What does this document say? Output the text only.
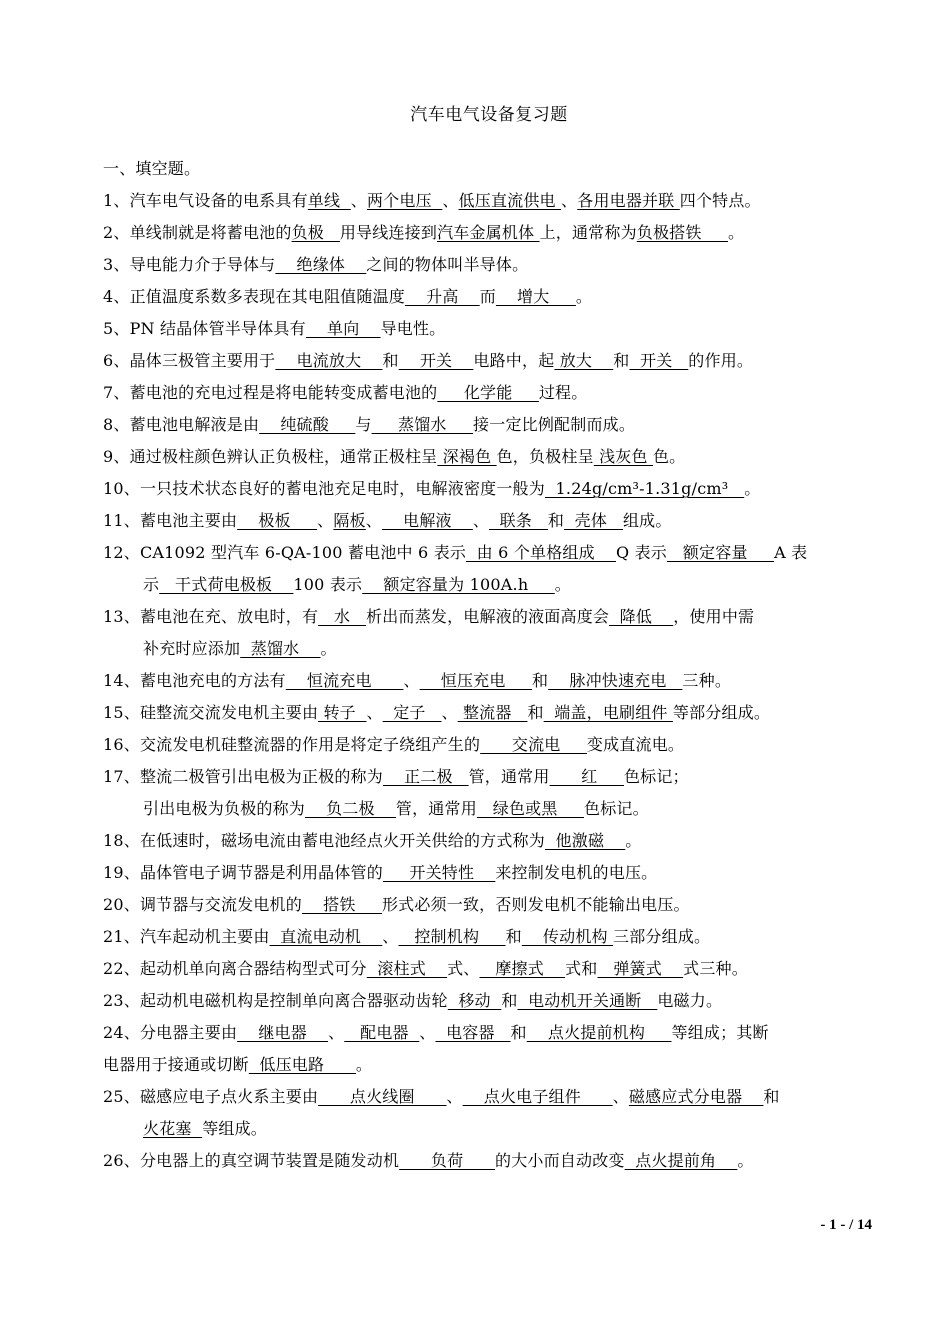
汽车电气设备复习题
一、填空题。
1、汽车电气设备的电系具有单线  、两个电压  、低压直流供电 、各用电器并联 四个特点。
2、单线制就是将蓄电池的负极   用导线连接到汽车金属机体 上，通常称为负极搭铁     。
3、导电能力介于导体与    绝缘体    之间的物体叫半导体。
4、正值温度系数多表现在其电阻值随温度    升高    而    增大     。
5、PN 结晶体管半导体具有    单向    导电性。
6、晶体三极管主要用于    电流放大    和    开关    电路中，起 放大    和  开关   的作用。
7、蓄电池的充电过程是将电能转变成蓄电池的     化学能     过程。
8、蓄电池电解液是由    纯硫酸     与     蒸馏水     接一定比例配制而成。
9、通过极柱颜色辨认正负极柱，通常正极柱呈 深褐色 色，负极柱呈 浅灰色 色。
10、一只技术状态良好的蓄电池充足电时，电解液密度一般为  1.24g/cm³-1.31g/cm³   。
11、蓄电池主要由    极板     、隔板、    电解液    、  联条   和  壳体   组成。
12、CA1092 型汽车 6-QA-100 蓄电池中 6 表示  由 6 个单格组成    Q 表示   额定容量     A 表
示   干式荷电极板    100 表示    额定容量为 100A.h     。
13、蓄电池在充、放电时，有   水   析出而蒸发，电解液的液面高度会  降低    ，使用中需
补充时应添加  蒸馏水    。
14、蓄电池充电的方法有    恒流充电      、    恒压充电     和    脉冲快速充电   三种。
15、硅整流交流发电机主要由 转子  、  定子   、 整流器   和  端盖，电刷组件 等部分组成。
16、交流发电机硅整流器的作用是将定子绕组产生的      交流电     变成直流电。
17、整流二极管引出电极为正极的称为    正二极   管，通常用      红     色标记；
引出电极为负极的称为    负二极    管，通常用   绿色或黑     色标记。
18、在低速时，磁场电流由蓄电池经点火开关供给的方式称为  他激磁    。
19、晶体管电子调节器是利用晶体管的     开关特性    来控制发电机的电压。
20、调节器与交流发电机的    搭铁     形式必须一致，否则发电机不能输出电压。
21、汽车起动机主要由  直流电动机    、   控制机构     和    传动机构 三部分组成。
22、起动机单向离合器结构型式可分  滚柱式    式、   摩擦式    式和   弹簧式    式三种。
23、起动机电磁机构是控制单向离合器驱动齿轮  移动  和  电动机开关通断   电磁力。
24、分电器主要由    继电器    、   配电器  、  电容器   和    点火提前机构     等组成；其断
电器用于接通或切断  低压电路      。
25、磁感应电子点火系主要由      点火线圈      、    点火电子组件      、磁感应式分电器    和
火花塞  等组成。
26、分电器上的真空调节装置是随发动机      负荷      的大小而自动改变  点火提前角    。
- 1 - / 14
